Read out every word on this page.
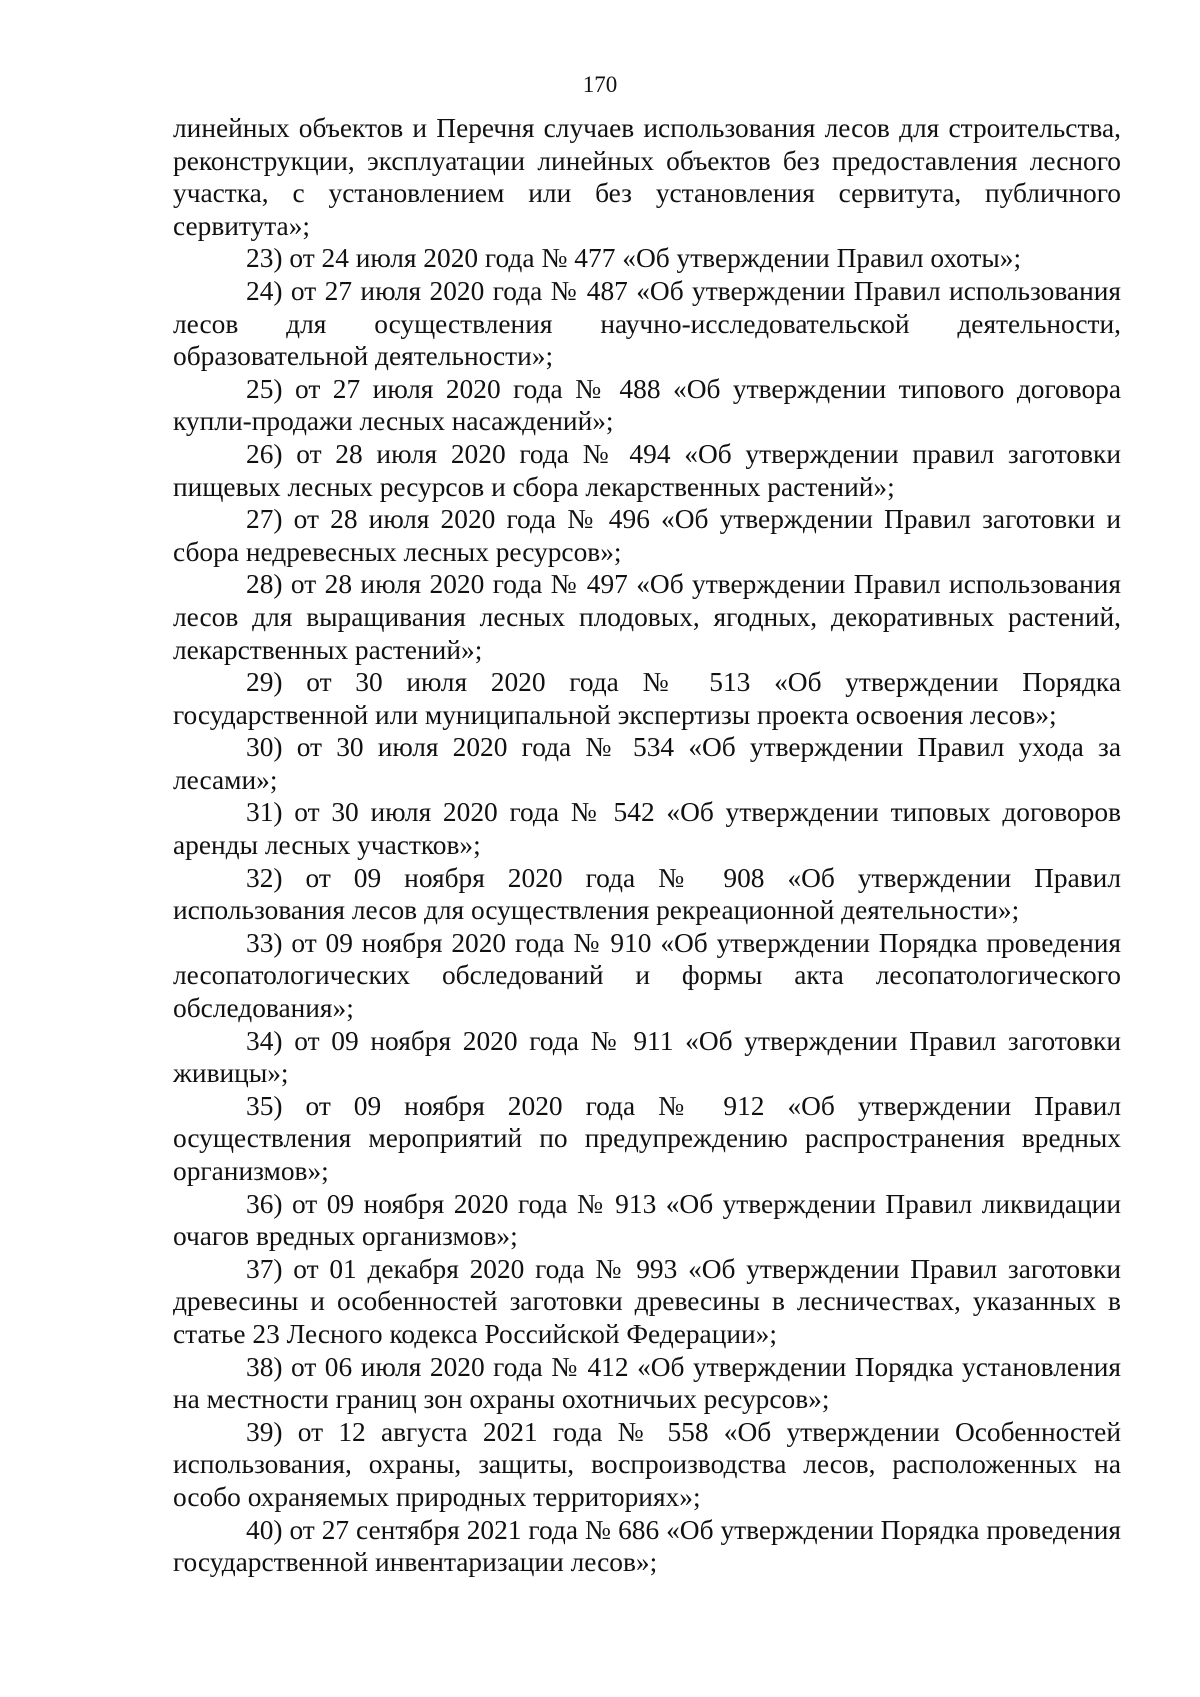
170

линейных объектов и Перечня случаев использования лесов для строительства, реконструкции, эксплуатации линейных объектов без предоставления лесного участка, с установлением или без установления сервитута, публичного сервитута»;

23) от 24 июля 2020 года № 477 «Об утверждении Правил охоты»;

24) от 27 июля 2020 года № 487 «Об утверждении Правил использования лесов для осуществления научно-исследовательской деятельности, образовательной деятельности»;

25) от 27 июля 2020 года № 488 «Об утверждении типового договора купли-продажи лесных насаждений»;

26) от 28 июля 2020 года № 494 «Об утверждении правил заготовки пищевых лесных ресурсов и сбора лекарственных растений»;

27) от 28 июля 2020 года № 496 «Об утверждении Правил заготовки и сбора недревесных лесных ресурсов»;

28) от 28 июля 2020 года № 497 «Об утверждении Правил использования лесов для выращивания лесных плодовых, ягодных, декоративных растений, лекарственных растений»;

29) от 30 июля 2020 года № 513 «Об утверждении Порядка государственной или муниципальной экспертизы проекта освоения лесов»;

30) от 30 июля 2020 года № 534 «Об утверждении Правил ухода за лесами»;

31) от 30 июля 2020 года № 542 «Об утверждении типовых договоров аренды лесных участков»;

32) от 09 ноября 2020 года № 908 «Об утверждении Правил использования лесов для осуществления рекреационной деятельности»;

33) от 09 ноября 2020 года № 910 «Об утверждении Порядка проведения лесопатологических обследований и формы акта лесопатологического обследования»;

34) от 09 ноября 2020 года № 911 «Об утверждении Правил заготовки живицы»;

35) от 09 ноября 2020 года № 912 «Об утверждении Правил осуществления мероприятий по предупреждению распространения вредных организмов»;

36) от 09 ноября 2020 года № 913 «Об утверждении Правил ликвидации очагов вредных организмов»;

37) от 01 декабря 2020 года № 993 «Об утверждении Правил заготовки древесины и особенностей заготовки древесины в лесничествах, указанных в статье 23 Лесного кодекса Российской Федерации»;

38) от 06 июля 2020 года № 412 «Об утверждении Порядка установления на местности границ зон охраны охотничьих ресурсов»;

39) от 12 августа 2021 года № 558 «Об утверждении Особенностей использования, охраны, защиты, воспроизводства лесов, расположенных на особо охраняемых природных территориях»;

40) от 27 сентября 2021 года № 686 «Об утверждении Порядка проведения государственной инвентаризации лесов»;
